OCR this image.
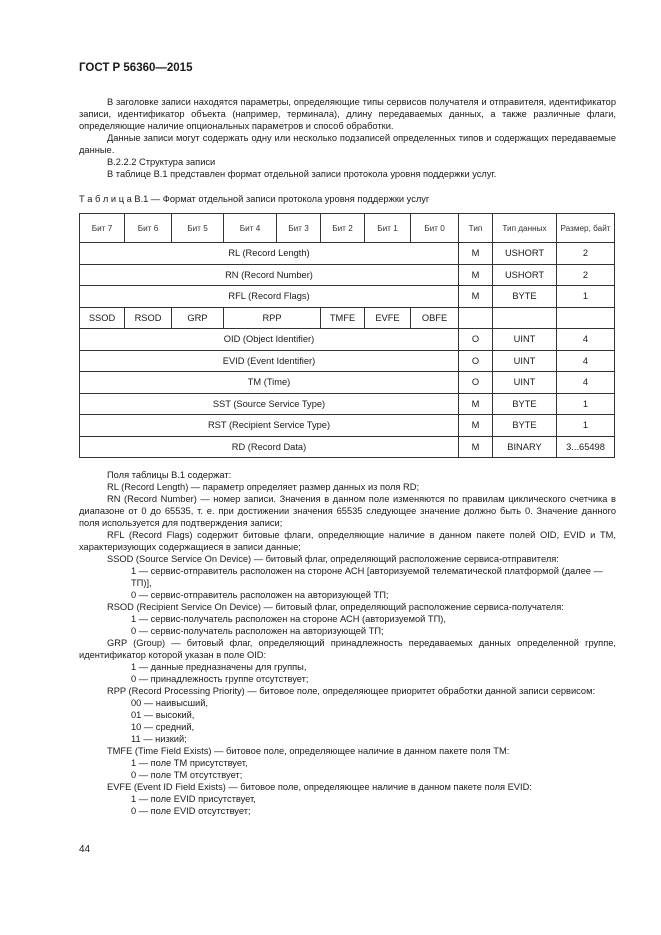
ГОСТ Р 56360—2015

В заголовке записи находятся параметры, определяющие типы сервисов получателя и отправителя, идентификатор записи, идентификатор объекта (например, терминала), длину передаваемых данных, а также различные флаги, определяющие наличие опциональных параметров и способ обработки.

Данные записи могут содержать одну или несколько подзаписей определенных типов и содержащих передаваемые данные.

В.2.2.2 Структура записи

В таблице В.1 представлен формат отдельной записи протокола уровня поддержки услуг.

Т а б л и ц а В.1 — Формат отдельной записи протокола уровня поддержки услуг
Бит 7	Бит 6	Бит 5	Бит 4	Бит 3	Бит 2	Бит 1	Бит 0	Тип	Тип данных	Размер, байт
RL (Record Length)								M	USHORT	2
RN (Record Number)								M	USHORT	2
RFL (Record Flags)								M	BYTE	1
SSOD	RSOD	GRP	RPP		TMFE	EVFE	OBFE			
OID (Object Identifier)								O	UINT	4
EVID (Event Identifier)								O	UINT	4
TM (Time)								O	UINT	4
SST (Source Service Type)								M	BYTE	1
RST (Recipient Service Type)								M	BYTE	1
RD (Record Data)								M	BINARY	3...65498

Поля таблицы В.1 содержат:

RL (Record Length) — параметр определяет размер данных из поля RD;

RN (Record Number) — номер записи. Значения в данном поле изменяются по правилам циклического счетчика в диапазоне от 0 до 65535, т. е. при достижении значения 65535 следующее значение должно быть 0. Значение данного поля используется для подтверждения записи;

RFL (Record Flags) содержит битовые флаги, определяющие наличие в данном пакете полей OID, EVID и TM, характеризующих содержащиеся в записи данные;

SSOD (Source Service On Device) — битовый флаг, определяющий расположение сервиса-отправителя:

1 — сервис-отправитель расположен на стороне АСН [авторизуемой телематической платформой (далее — ТП)],

0 — сервис-отправитель расположен на авторизующей ТП;

RSOD (Recipient Service On Device) — битовый флаг, определяющий расположение сервиса-получателя:

1 — сервис-получатель расположен на стороне АСН (авторизуемой ТП),

0 — сервис-получатель расположен на авторизующей ТП;

GRP (Group) — битовый флаг, определяющий принадлежность передаваемых данных определенной группе, идентификатор которой указан в поле OID:

1 — данные предназначены для группы,

0 — принадлежность группе отсутствует;

RPP (Record Processing Priority) — битовое поле, определяющее приоритет обработки данной записи сервисом:

00 — наивысший,

01 — высокий,

10 — средний,

11 — низкий;

TMFE (Time Field Exists) — битовое поле, определяющее наличие в данном пакете поля TM:

1 — поле TM присутствует,

0 — поле TM отсутствует;

EVFE (Event ID Field Exists) — битовое поле, определяющее наличие в данном пакете поля EVID:

1 — поле EVID присутствует,

0 — поле EVID отсутствует;

44
